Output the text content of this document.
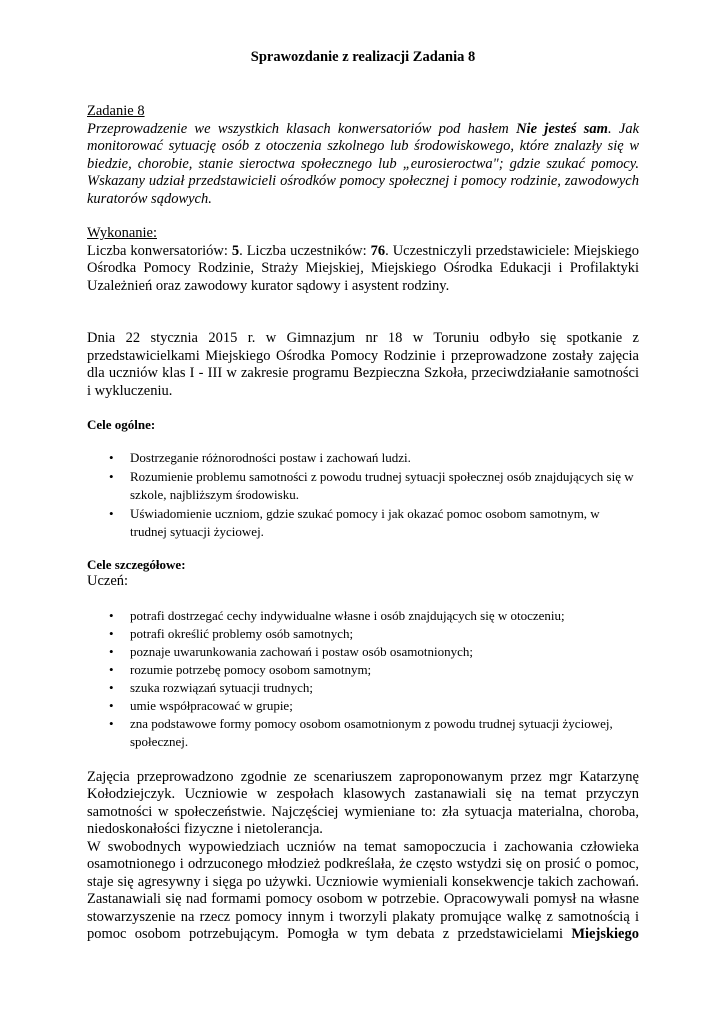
Sprawozdanie z realizacji Zadania 8

Zadanie 8

Przeprowadzenie we wszystkich klasach konwersatoriów pod hasłem Nie jesteś sam. Jak monitorować sytuację osób z otoczenia szkolnego lub środowiskowego, które znalazły się w biedzie, chorobie, stanie sieroctwa społecznego lub „eurosieroctwa"; gdzie szukać pomocy. Wskazany udział przedstawicieli ośrodków pomocy społecznej i pomocy rodzinie, zawodowych kuratorów sądowych.

Wykonanie:

Liczba konwersatoriów: 5. Liczba uczestników: 76. Uczestniczyli przedstawiciele: Miejskiego Ośrodka Pomocy Rodzinie, Straży Miejskiej, Miejskiego Ośrodka Edukacji i Profilaktyki Uzależnień oraz zawodowy kurator sądowy i asystent rodziny.

Dnia 22 stycznia 2015 r. w Gimnazjum nr 18 w Toruniu odbyło się spotkanie z przedstawicielkami Miejskiego Ośrodka Pomocy Rodzinie i przeprowadzone zostały zajęcia dla uczniów klas I - III w zakresie programu Bezpieczna Szkoła, przeciwdziałanie samotności i wykluczeniu.

Cele ogólne:

• Dostrzeganie różnorodności postaw i zachowań ludzi.
• Rozumienie problemu samotności z powodu trudnej sytuacji społecznej osób znajdujących się w szkole, najbliższym środowisku.
• Uświadomienie uczniom, gdzie szukać pomocy i jak okazać pomoc osobom samotnym, w trudnej sytuacji życiowej.

Cele szczegółowe:

Uczeń:

• potrafi dostrzegać cechy indywidualne własne i osób znajdujących się w otoczeniu;
• potrafi określić problemy osób samotnych;
• poznaje uwarunkowania zachowań i postaw osób osamotnionych;
• rozumie potrzebę pomocy osobom samotnym;
• szuka rozwiązań sytuacji trudnych;
• umie współpracować w grupie;
• zna podstawowe formy pomocy osobom osamotnionym z powodu trudnej sytuacji życiowej, społecznej.

Zajęcia przeprowadzono zgodnie ze scenariuszem zaproponowanym przez mgr Katarzynę Kołodziejczyk. Uczniowie w zespołach klasowych zastanawiali się na temat przyczyn samotności w społeczeństwie. Najczęściej wymieniane to: zła sytuacja materialna, choroba, niedoskonałości fizyczne i nietolerancja.

W swobodnych wypowiedziach uczniów na temat samopoczucia i zachowania człowieka osamotnionego i odrzuconego młodzież podkreślała, że często wstydzi się on prosić o pomoc, staje się agresywny i sięga po używki. Uczniowie wymieniali konsekwencje takich zachowań. Zastanawiali się nad formami pomocy osobom w potrzebie. Opracowywali pomysł na własne stowarzyszenie na rzecz pomocy innym i tworzyli plakaty promujące walkę z samotnością i pomoc osobom potrzebującym. Pomogła w tym debata z przedstawicielami Miejskiego
